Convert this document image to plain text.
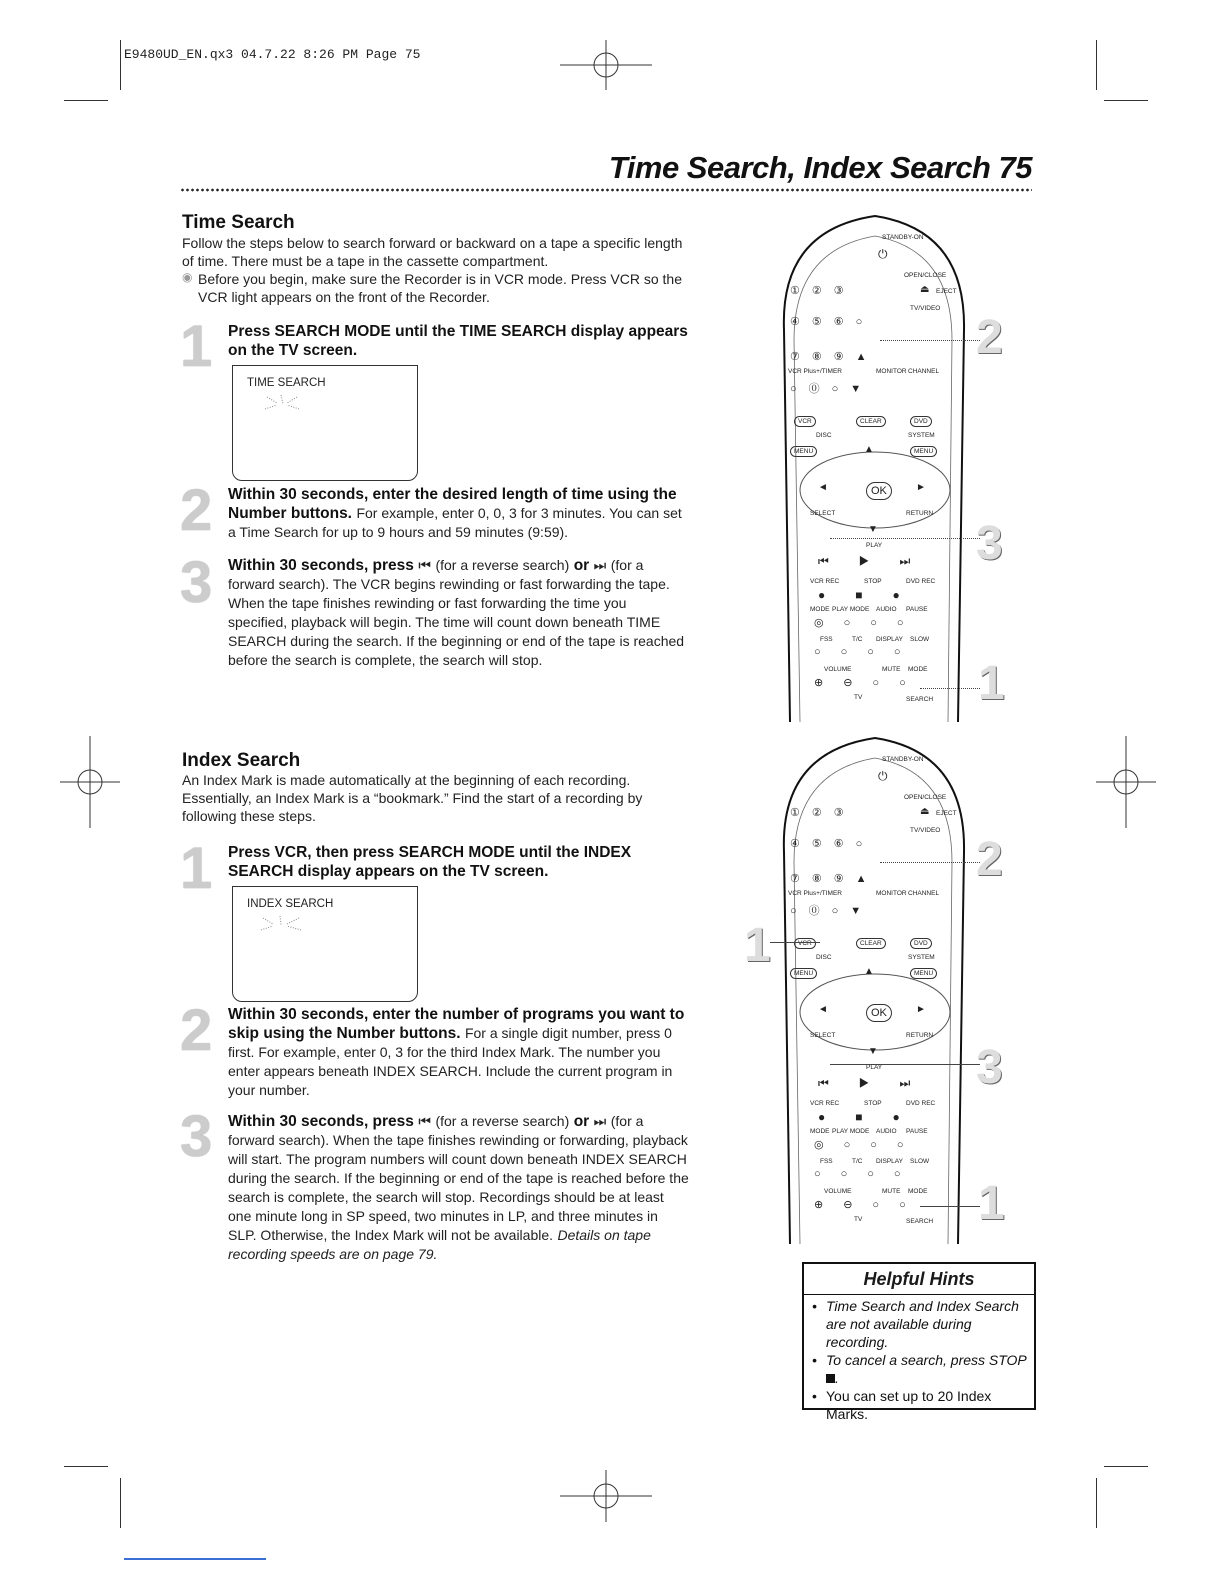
E9480UD_EN.qx3 04.7.22 8:26 PM Page 75
Time Search, Index Search 75
Time Search

Follow the steps below to search forward or backward on a tape a specific length of time. There must be a tape in the cassette compartment.

◉ Before you begin, make sure the Recorder is in VCR mode. Press VCR so the VCR light appears on the front of the Recorder.

1 Press SEARCH MODE until the TIME SEARCH display appears on the TV screen.
TIME SEARCH
2 Within 30 seconds, enter the desired length of time using the Number buttons. For example, enter 0, 0, 3 for 3 minutes. You can set a Time Search for up to 9 hours and 59 minutes (9:59).
3 Within 30 seconds, press ⏮ (for a reverse search) or ⏭ (for a forward search). The VCR begins rewinding or fast forwarding the tape. When the tape finishes rewinding or fast forwarding the time you specified, playback will begin. The time will count down beneath TIME SEARCH during the search. If the beginning or end of the tape is reached before the search is complete, the search will stop.
Index Search

An Index Mark is made automatically at the beginning of each recording. Essentially, an Index Mark is a “bookmark.” Find the start of a recording by following these steps.

1 Press VCR, then press SEARCH MODE until the INDEX SEARCH display appears on the TV screen.
INDEX SEARCH
2 Within 30 seconds, enter the number of programs you want to skip using the Number buttons. For a single digit number, press 0 first. For example, enter 0, 3 for the third Index Mark. The number you enter appears beneath INDEX SEARCH. Include the current program in your number.
3 Within 30 seconds, press ⏮ (for a reverse search) or ⏭ (for a forward search). When the tape finishes rewinding or forwarding, playback will start. The program numbers will count down beneath INDEX SEARCH during the search. If the beginning or end of the tape is reached before the search is complete, the search will stop. Recordings should be at least one minute long in SP speed, two minutes in LP, and three minutes in SLP. Otherwise, the Index Mark will not be available. Details on tape recording speeds are on page 79.
STANDBY-ON
⏻
OPEN/CLOSE
①②③	⏏ EJECT
TV/VIDEO
④⑤⑥○
⑦⑧⑨▲
VCR Plus+/TIMER	MONITOR CHANNEL
○⓪○▼
VCR	CLEAR	DVD
DISC	SYSTEM
MENU	MENU
▲
◄	OK	►
SELECT	RETURN
▼
PLAY
⏮▶⏭
VCR REC	STOP	DVD REC
●■●
MODE PLAY MODE AUDIO PAUSE
◎○○○
FSS	T/C DISPLAY SLOW
○○○○
VOLUME	MUTE MODE
⊕⊖○○
TV	SEARCH
2
3
1
STANDBY-ON
⏻
OPEN/CLOSE
①②③	⏏ EJECT
TV/VIDEO
④⑤⑥○
⑦⑧⑨▲
VCR Plus+/TIMER	MONITOR CHANNEL
○⓪○▼
VCR	CLEAR	DVD
DISC	SYSTEM
MENU	MENU
▲
◄	OK	►
SELECT	RETURN
▼
PLAY
⏮▶⏭
VCR REC	STOP	DVD REC
●■●
MODE PLAY MODE AUDIO PAUSE
◎○○○
FSS	T/C DISPLAY SLOW
○○○○
VOLUME	MUTE MODE
⊕⊖○○
TV	SEARCH
1
2
3
1
Helpful Hints
• Time Search and Index Search are not available during recording.
• To cancel a search, press STOP .
• You can set up to 20 Index Marks.
